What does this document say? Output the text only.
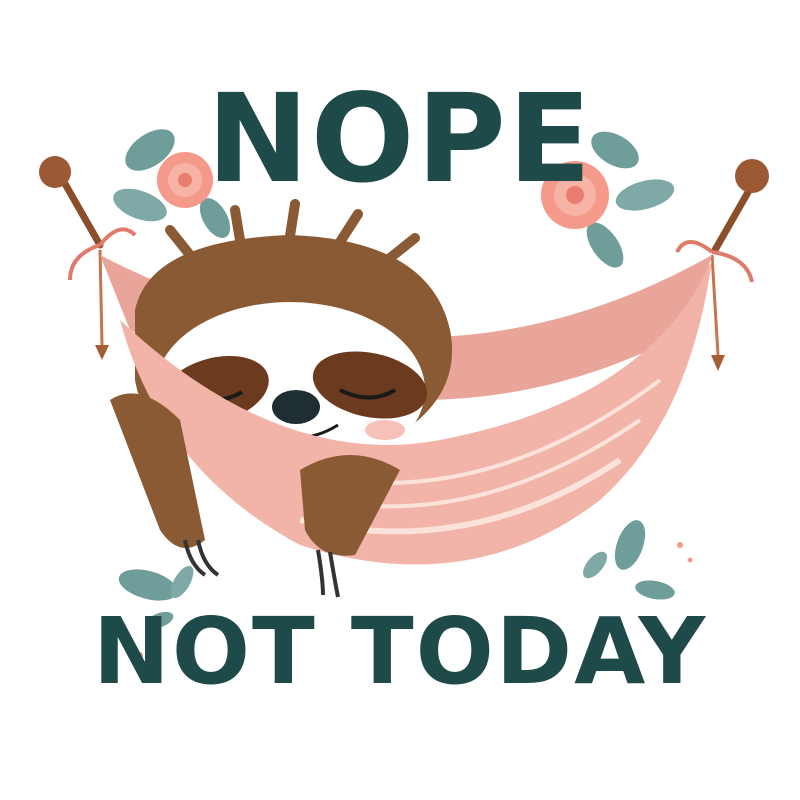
NOPE
NOT TODAY
